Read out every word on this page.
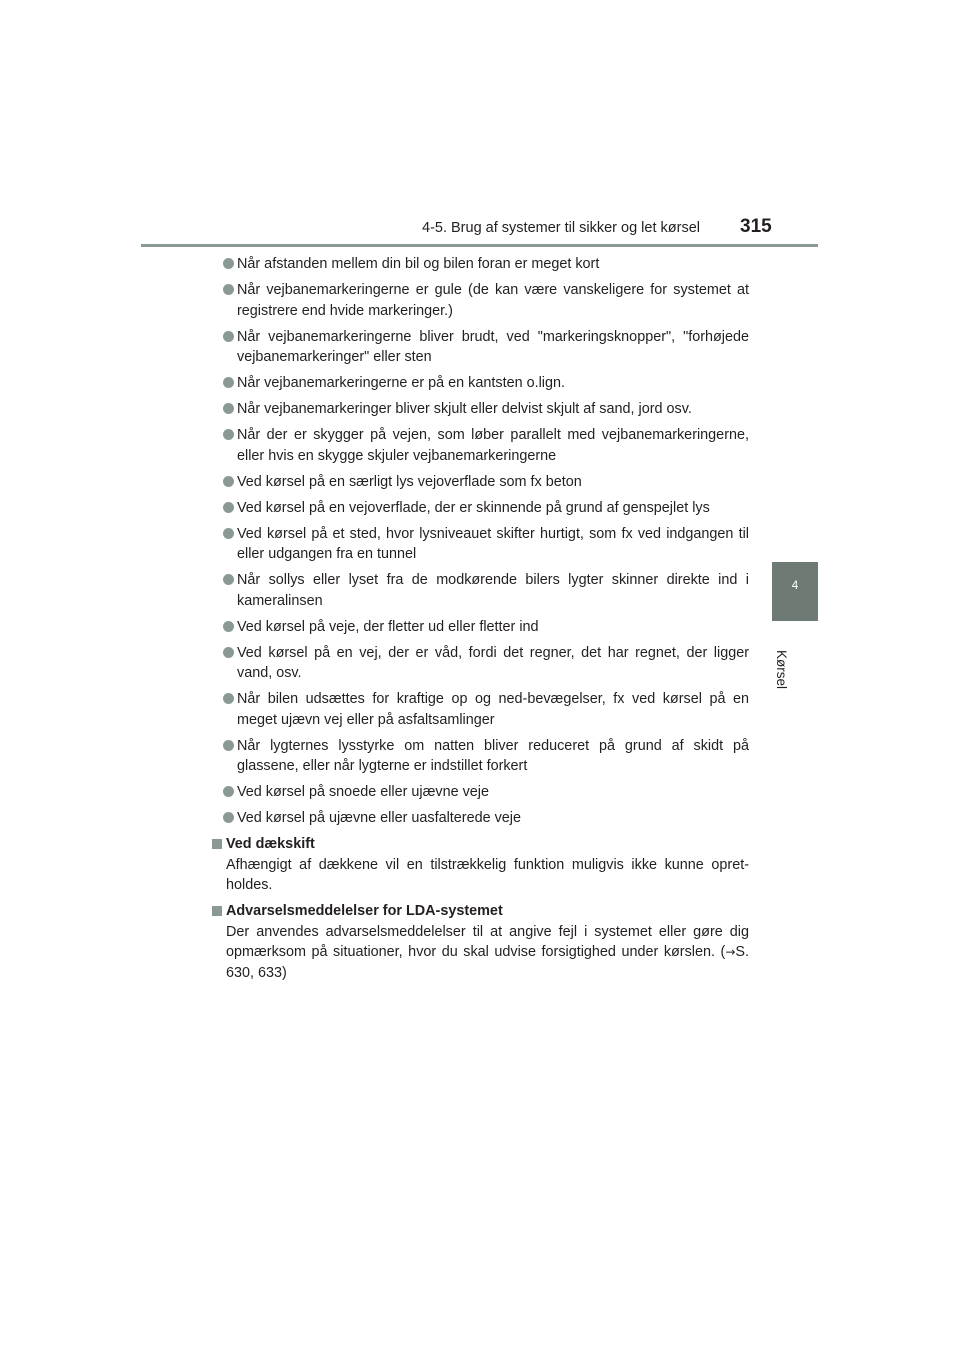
4-5. Brug af systemer til sikker og let kørsel 315
4
Kørsel
Når afstanden mellem din bil og bilen foran er meget kort
Når vejbanemarkeringerne er gule (de kan være vanskeligere for systemet at registrere end hvide markeringer.)
Når vejbanemarkeringerne bliver brudt, ved "markeringsknopper", "forhøjede vejbanemarkeringer" eller sten
Når vejbanemarkeringerne er på en kantsten o.lign.
Når vejbanemarkeringer bliver skjult eller delvist skjult af sand, jord osv.
Når der er skygger på vejen, som løber parallelt med vejbanemarkeringerne, eller hvis en skygge skjuler vejbanemarkeringerne
Ved kørsel på en særligt lys vejoverflade som fx beton
Ved kørsel på en vejoverflade, der er skinnende på grund af genspejlet lys
Ved kørsel på et sted, hvor lysniveauet skifter hurtigt, som fx ved indgangen til eller udgangen fra en tunnel
Når sollys eller lyset fra de modkørende bilers lygter skinner direkte ind i kameralinsen
Ved kørsel på veje, der fletter ud eller fletter ind
Ved kørsel på en vej, der er våd, fordi det regner, det har regnet, der ligger vand, osv.
Når bilen udsættes for kraftige op og ned-bevægelser, fx ved kørsel på en meget ujævn vej eller på asfaltsamlinger
Når lygternes lysstyrke om natten bliver reduceret på grund af skidt på glassene, eller når lygterne er indstillet forkert
Ved kørsel på snoede eller ujævne veje
Ved kørsel på ujævne eller uasfalterede veje
Ved dækskift
Afhængigt af dækkene vil en tilstrækkelig funktion muligvis ikke kunne opret-holdes.
Advarselsmeddelelser for LDA-systemet
Der anvendes advarselsmeddelelser til at angive fejl i systemet eller gøre dig opmærksom på situationer, hvor du skal udvise forsigtighed under kørslen. (→S. 630, 633)
